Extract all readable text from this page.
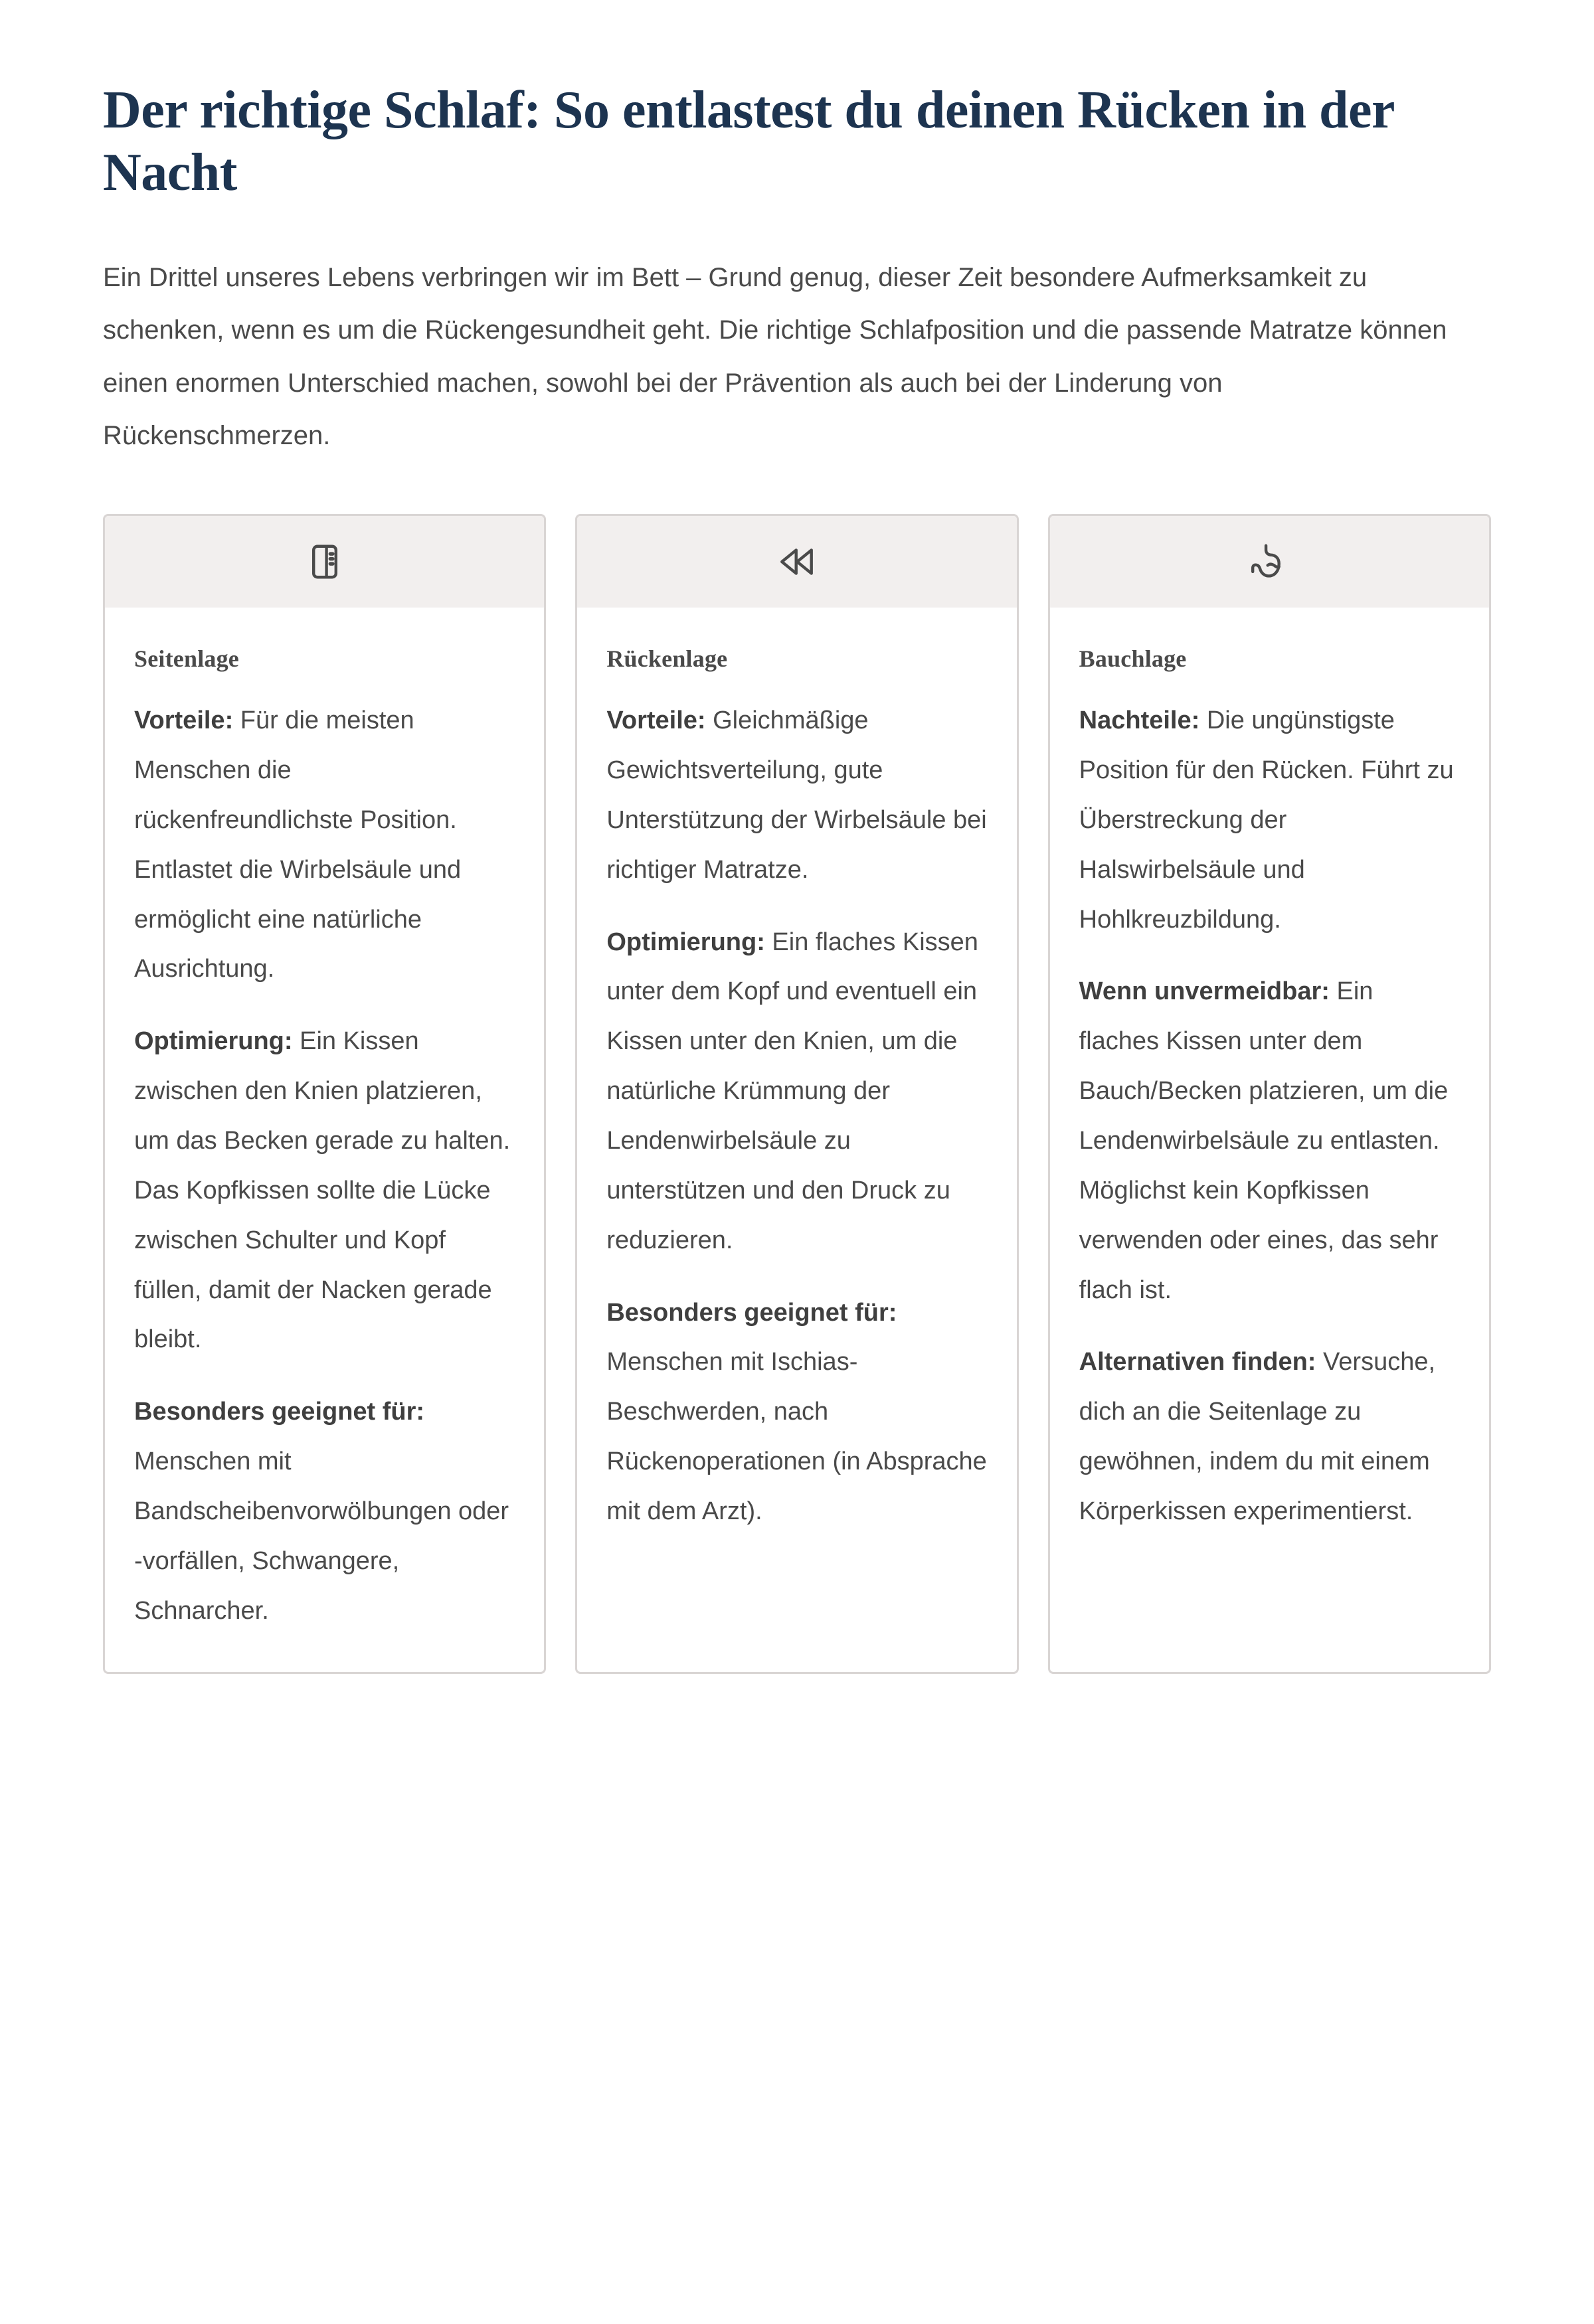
Der richtige Schlaf: So entlastest du deinen Rücken in der Nacht

Ein Drittel unseres Lebens verbringen wir im Bett – Grund genug, dieser Zeit besondere Aufmerksamkeit zu schenken, wenn es um die Rückengesundheit geht. Die richtige Schlafposition und die passende Matratze können einen enormen Unterschied machen, sowohl bei der Prävention als auch bei der Linderung von Rückenschmerzen.

Seitenlage

Vorteile: Für die meisten Menschen die rückenfreundlichste Position. Entlastet die Wirbelsäule und ermöglicht eine natürliche Ausrichtung.

Optimierung: Ein Kissen zwischen den Knien platzieren, um das Becken gerade zu halten. Das Kopfkissen sollte die Lücke zwischen Schulter und Kopf füllen, damit der Nacken gerade bleibt.

Besonders geeignet für: Menschen mit Bandscheibenvorwölbungen oder -vorfällen, Schwangere, Schnarcher.

Rückenlage

Vorteile: Gleichmäßige Gewichtsverteilung, gute Unterstützung der Wirbelsäule bei richtiger Matratze.

Optimierung: Ein flaches Kissen unter dem Kopf und eventuell ein Kissen unter den Knien, um die natürliche Krümmung der Lendenwirbelsäule zu unterstützen und den Druck zu reduzieren.

Besonders geeignet für: Menschen mit Ischias-Beschwerden, nach Rückenoperationen (in Absprache mit dem Arzt).

Bauchlage

Nachteile: Die ungünstigste Position für den Rücken. Führt zu Überstreckung der Halswirbelsäule und Hohlkreuzbildung.

Wenn unvermeidbar: Ein flaches Kissen unter dem Bauch/Becken platzieren, um die Lendenwirbelsäule zu entlasten. Möglichst kein Kopfkissen verwenden oder eines, das sehr flach ist.

Alternativen finden: Versuche, dich an die Seitenlage zu gewöhnen, indem du mit einem Körperkissen experimentierst.
